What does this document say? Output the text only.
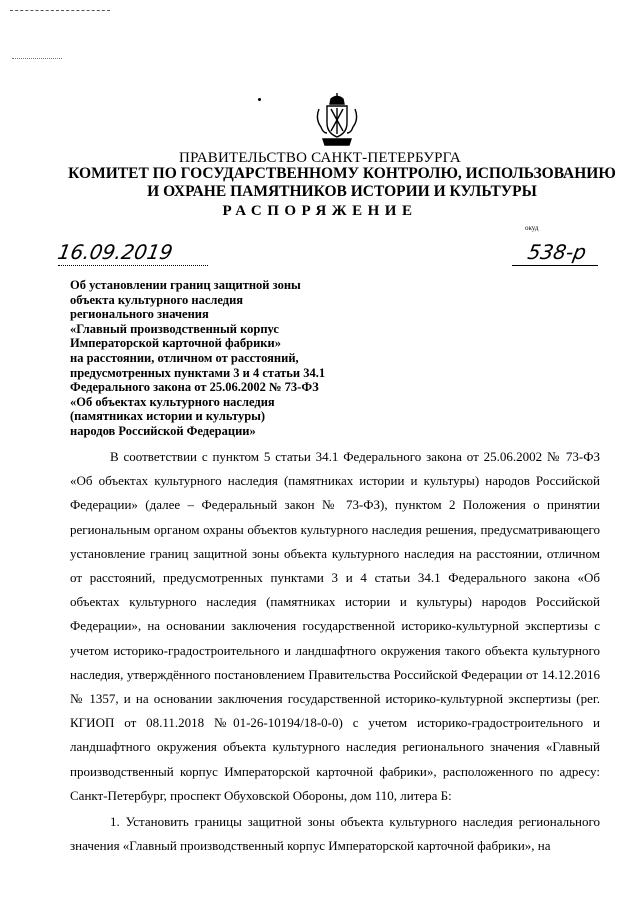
ПРАВИТЕЛЬСТВО САНКТ-ПЕТЕРБУРГА
КОМИТЕТ ПО ГОСУДАРСТВЕННОМУ КОНТРОЛЮ, ИСПОЛЬЗОВАНИЮ
И ОХРАНЕ ПАМЯТНИКОВ ИСТОРИИ И КУЛЬТУРЫ
РАСПОРЯЖЕНИЕ
окуд
16.09.2019	538-р
Об установлении границ защитной зоны
объекта культурного наследия
регионального значения
«Главный производственный корпус
Императорской карточной фабрики»
на расстоянии, отличном от расстояний,
предусмотренных пунктами 3 и 4 статьи 34.1
Федерального закона от 25.06.2002 № 73-ФЗ
«Об объектах культурного наследия
(памятниках истории и культуры)
народов Российской Федерации»

В соответствии с пунктом 5 статьи 34.1 Федерального закона от 25.06.2002 № 73-ФЗ «Об объектах культурного наследия (памятниках истории и культуры) народов Российской Федерации» (далее – Федеральный закон № 73-ФЗ), пунктом 2 Положения о принятии региональным органом охраны объектов культурного наследия решения, предусматривающего установление границ защитной зоны объекта культурного наследия на расстоянии, отличном от расстояний, предусмотренных пунктами 3 и 4 статьи 34.1 Федерального закона «Об объектах культурного наследия (памятниках истории и культуры) народов Российской Федерации», на основании заключения государственной историко-культурной экспертизы с учетом историко-градостроительного и ландшафтного окружения такого объекта культурного наследия, утверждённого постановлением Правительства Российской Федерации от 14.12.2016 № 1357, и на основании заключения государственной историко-культурной экспертизы (рег. КГИОП от 08.11.2018 №01-26-10194/18-0-0) с учетом историко-градостроительного и ландшафтного окружения объекта культурного наследия регионального значения «Главный производственный корпус Императорской карточной фабрики», расположенного по адресу: Санкт-Петербург, проспект Обуховской Обороны, дом 110, литера Б:

1. Установить границы защитной зоны объекта культурного наследия регионального значения «Главный производственный корпус Императорской карточной фабрики», на
